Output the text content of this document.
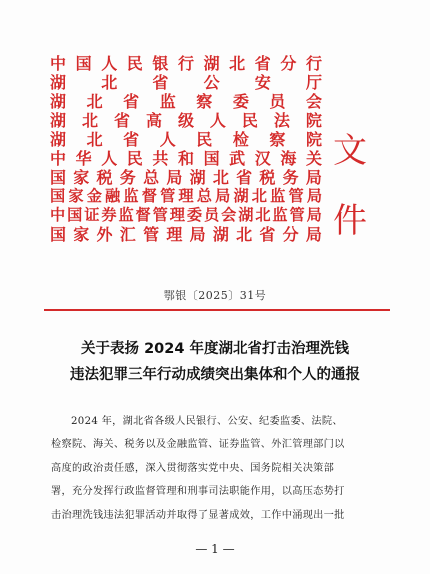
中 国 人 民 银 行 湖 北 省 分 行
湖 北 省 公 安 厅
湖 北 省 监 察 委 员 会
湖 北 省 高 级 人 民 法 院
湖 北 省 人 民 检 察 院
中 华 人 民 共 和 国 武 汉 海 关
国 家 税 务 总 局 湖 北 省 税 务 局
国 家 金 融 监 督 管 理 总 局 湖 北 监 管 局
中 国 证 券 监 督 管 理 委 员 会 湖 北 监 管 局
国 家 外 汇 管 理 局 湖 北 省 分 局
文件
鄂银〔2025〕31号
关于表扬 2024 年度湖北省打击治理洗钱
违法犯罪三年行动成绩突出集体和个人的通报
2024 年，湖北省各级人民银行、公安、纪委监委、法院、
检察院、海关、税务以及金融监管、证券监管、外汇管理部门以
高度的政治责任感，深入贯彻落实党中央、国务院相关决策部
署，充分发挥行政监督管理和刑事司法职能作用，以高压态势打
击治理洗钱违法犯罪活动并取得了显著成效，工作中涌现出一批
— 1 —
